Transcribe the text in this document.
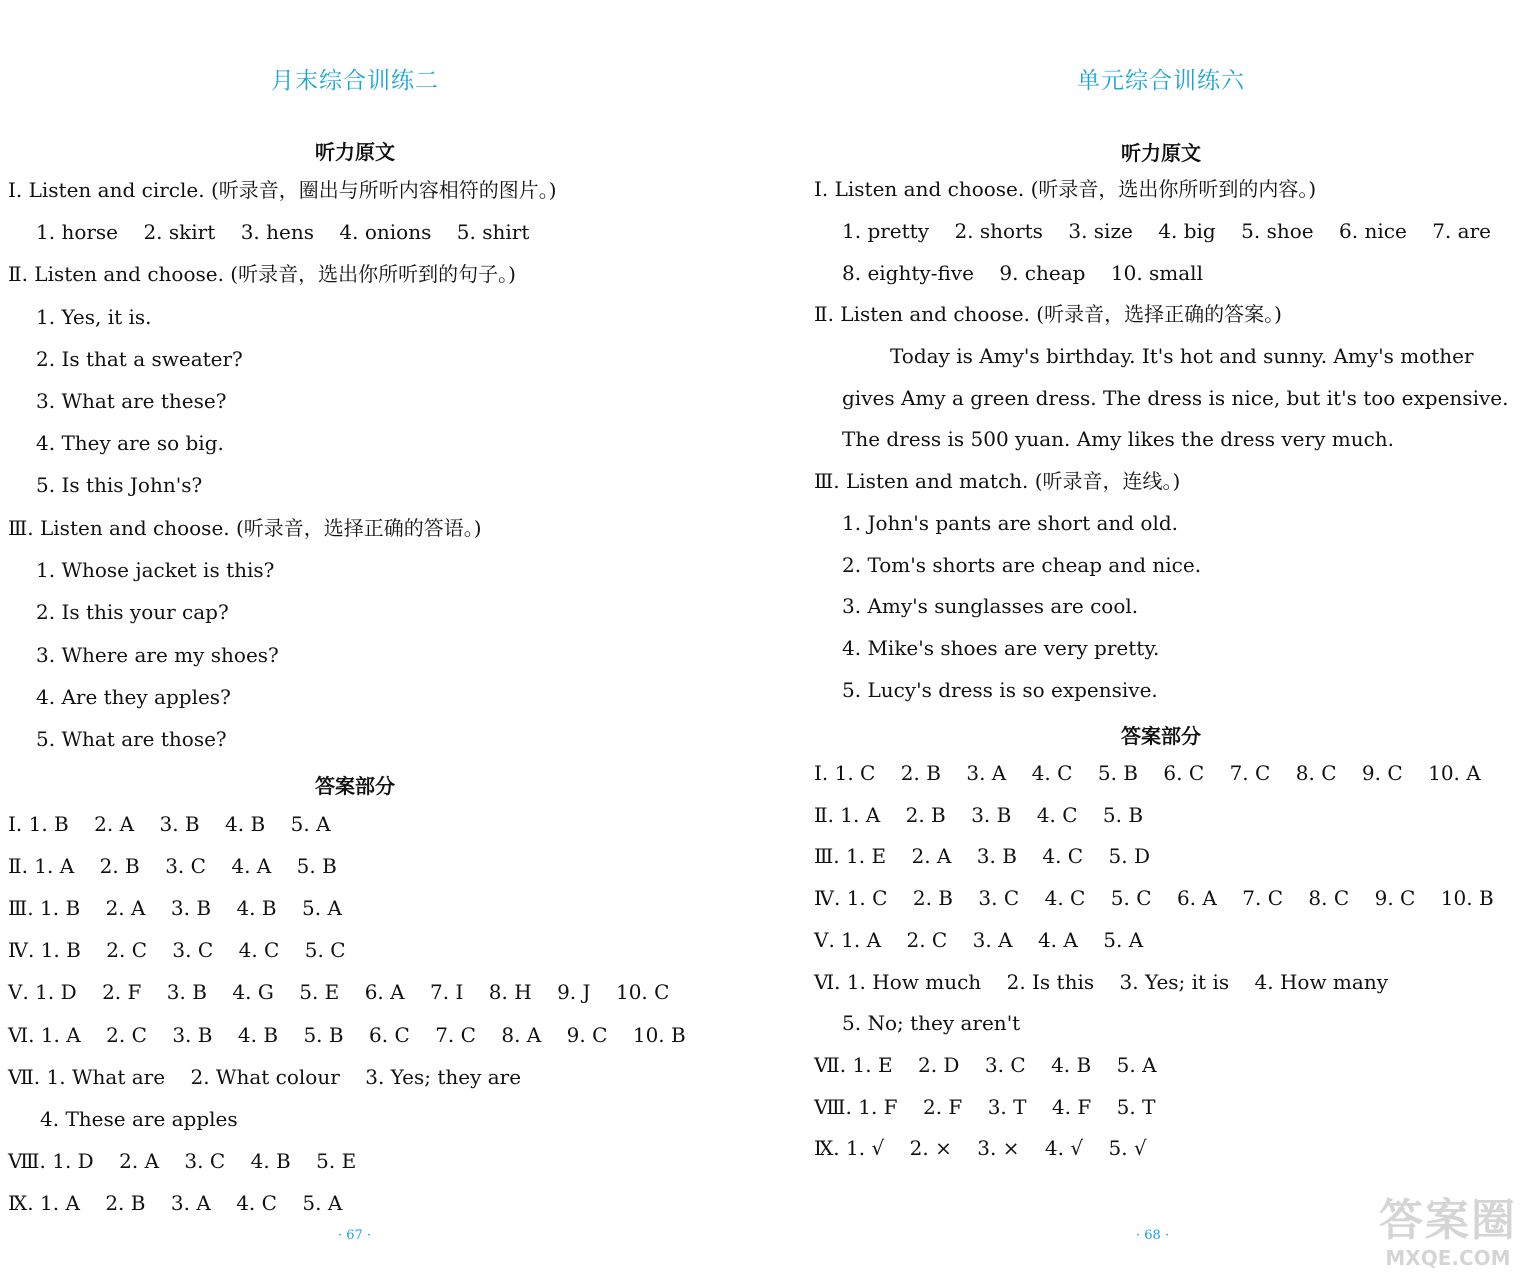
月末综合训练二
听力原文
Ⅰ. Listen and circle. (听录音，圈出与所听内容相符的图片。)
1. horse    2. skirt    3. hens    4. onions    5. shirt
Ⅱ. Listen and choose. (听录音，选出你所听到的句子。)
1. Yes, it is.
2. Is that a sweater?
3. What are these?
4. They are so big.
5. Is this John's?
Ⅲ. Listen and choose. (听录音，选择正确的答语。)
1. Whose jacket is this?
2. Is this your cap?
3. Where are my shoes?
4. Are they apples?
5. What are those?
答案部分
Ⅰ. 1. B    2. A    3. B    4. B    5. A
Ⅱ. 1. A    2. B    3. C    4. A    5. B
Ⅲ. 1. B    2. A    3. B    4. B    5. A
Ⅳ. 1. B    2. C    3. C    4. C    5. C
Ⅴ. 1. D    2. F    3. B    4. G    5. E    6. A    7. I    8. H    9. J    10. C
Ⅵ. 1. A    2. C    3. B    4. B    5. B    6. C    7. C    8. A    9. C    10. B
Ⅶ. 1. What are    2. What colour    3. Yes; they are
4. These are apples
Ⅷ. 1. D    2. A    3. C    4. B    5. E
Ⅸ. 1. A    2. B    3. A    4. C    5. A
· 67 ·
单元综合训练六
听力原文
Ⅰ. Listen and choose. (听录音，选出你所听到的内容。)
1. pretty    2. shorts    3. size    4. big    5. shoe    6. nice    7. are
8. eighty-five    9. cheap    10. small
Ⅱ. Listen and choose. (听录音，选择正确的答案。)
Today is Amy's birthday. It's hot and sunny. Amy's mother
gives Amy a green dress. The dress is nice, but it's too expensive.
The dress is 500 yuan. Amy likes the dress very much.
Ⅲ. Listen and match. (听录音，连线。)
1. John's pants are short and old.
2. Tom's shorts are cheap and nice.
3. Amy's sunglasses are cool.
4. Mike's shoes are very pretty.
5. Lucy's dress is so expensive.
答案部分
Ⅰ. 1. C    2. B    3. A    4. C    5. B    6. C    7. C    8. C    9. C    10. A
Ⅱ. 1. A    2. B    3. B    4. C    5. B
Ⅲ. 1. E    2. A    3. B    4. C    5. D
Ⅳ. 1. C    2. B    3. C    4. C    5. C    6. A    7. C    8. C    9. C    10. B
Ⅴ. 1. A    2. C    3. A    4. A    5. A
Ⅵ. 1. How much    2. Is this    3. Yes; it is    4. How many
5. No; they aren't
Ⅶ. 1. E    2. D    3. C    4. B    5. A
Ⅷ. 1. F    2. F    3. T    4. F    5. T
Ⅸ. 1. √    2. ×    3. ×    4. √    5. √
· 68 ·	答案圈
MXQE.COM
